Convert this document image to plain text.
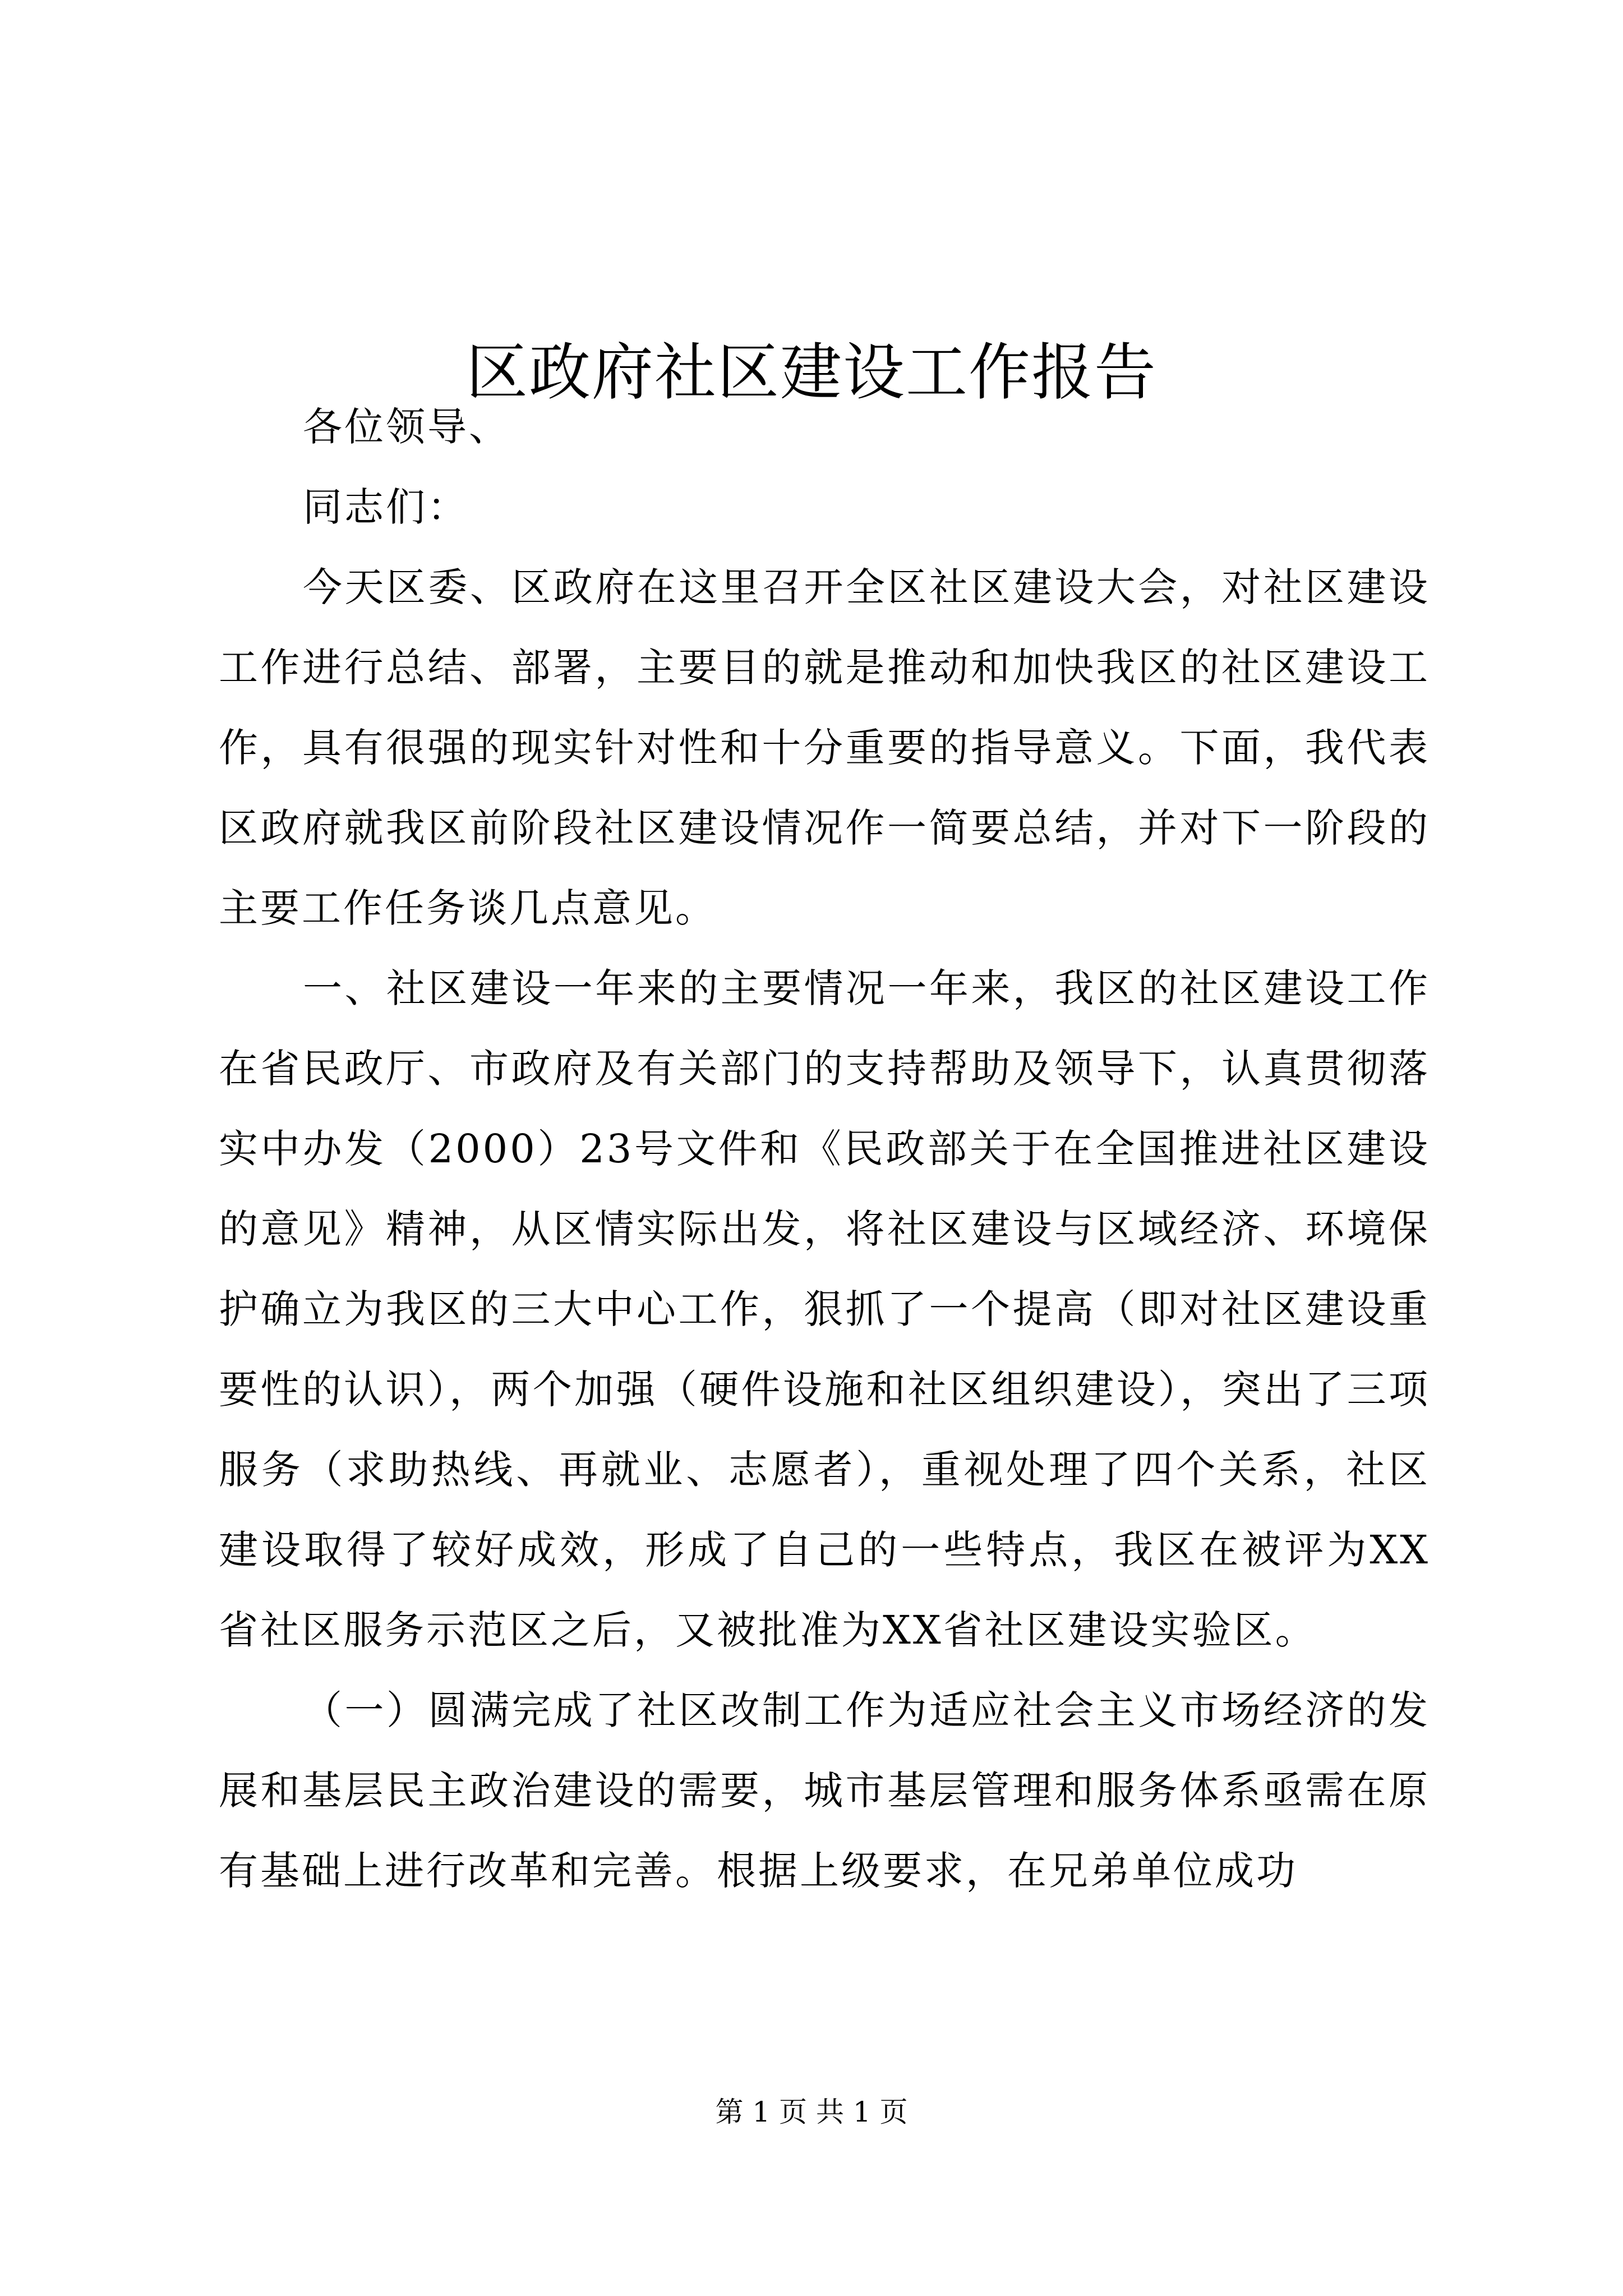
区政府社区建设工作报告

各位领导、

同志们：

今天区委、区政府在这里召开全区社区建设大会，对社区建设工作进行总结、部署，主要目的就是推动和加快我区的社区建设工作，具有很强的现实针对性和十分重要的指导意义。下面，我代表区政府就我区前阶段社区建设情况作一简要总结，并对下一阶段的主要工作任务谈几点意见。

一、社区建设一年来的主要情况一年来，我区的社区建设工作在省民政厅、市政府及有关部门的支持帮助及领导下，认真贯彻落实中办发（2000）23号文件和《民政部关于在全国推进社区建设的意见》精神，从区情实际出发，将社区建设与区域经济、环境保护确立为我区的三大中心工作，狠抓了一个提高（即对社区建设重要性的认识），两个加强（硬件设施和社区组织建设），突出了三项服务（求助热线、再就业、志愿者），重视处理了四个关系，社区建设取得了较好成效，形成了自己的一些特点，我区在被评为XX省社区服务示范区之后，又被批准为XX省社区建设实验区。

（一）圆满完成了社区改制工作为适应社会主义市场经济的发展和基层民主政治建设的需要，城市基层管理和服务体系亟需在原有基础上进行改革和完善。根据上级要求，在兄弟单位成功

第 1 页 共 1 页
